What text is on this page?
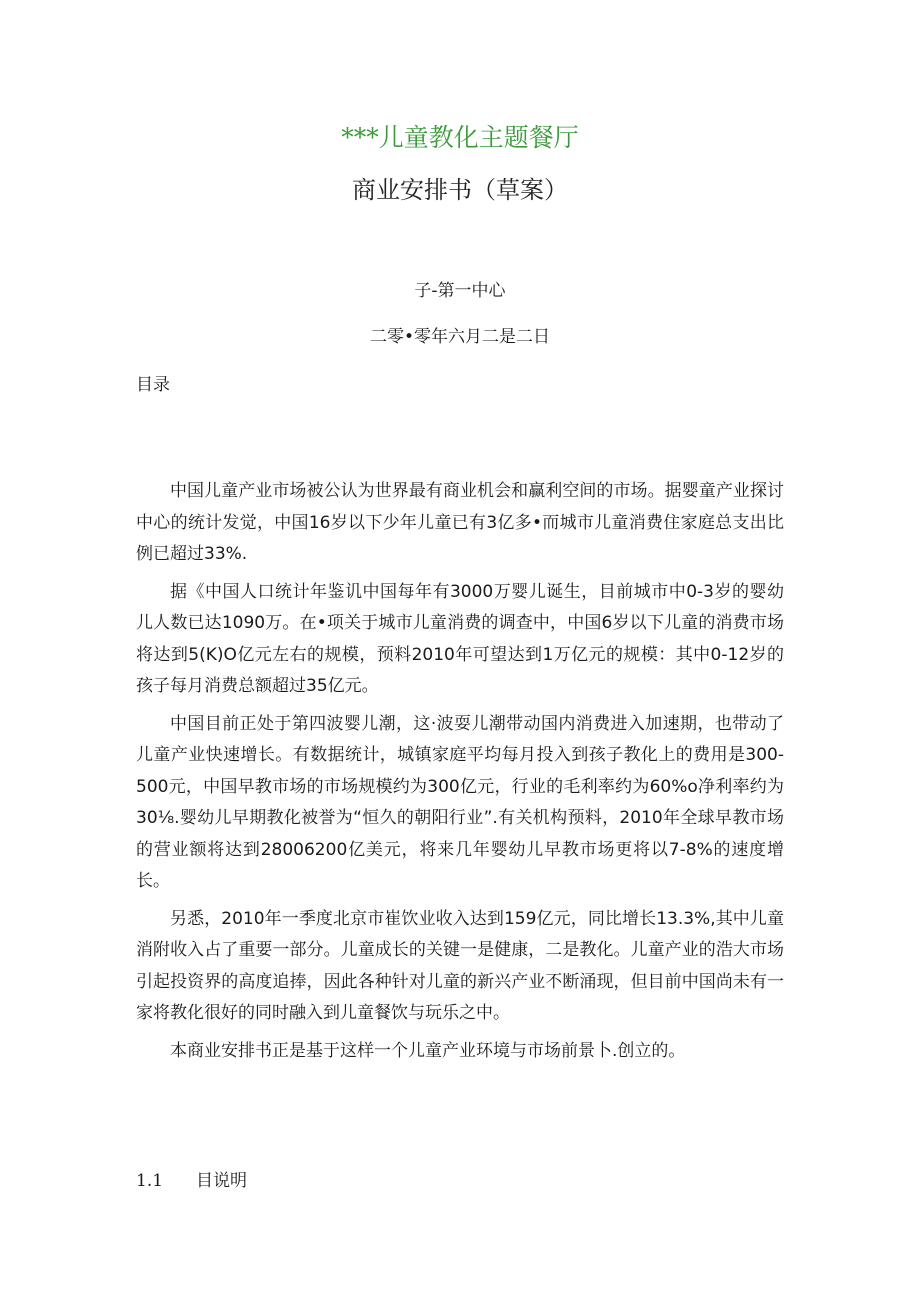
***儿童教化主题餐厅
商业安排书（草案）
子-第一中心
二零•零年六月二是二日
目录

中国儿童产业市场被公认为世界最有商业机会和赢利空间的市场。据婴童产业探讨中心的统计发觉，中国16岁以下少年儿童已有3亿多•而城市儿童消费住家庭总支出比例已超过33%.

据《中国人口统计年鉴讥中国每年有3000万婴儿诞生，目前城市中0-3岁的婴幼儿人数已达1090万。在•项关于城市儿童消费的调查中，中国6岁以下儿童的消费市场将达到5(K)O亿元左右的规模，预料2010年可望达到1万亿元的规模：其中0-12岁的孩子每月消费总额超过35亿元。

中国目前正处于第四波婴儿潮，这·波耍儿潮带动国内消费进入加速期，也带动了儿童产业快速增长。有数据统计，城镇家庭平均每月投入到孩子教化上的费用是300-500元，中国早教市场的市场规模约为300亿元，行业的毛利率约为60%о净利率约为30⅛.婴幼儿早期教化被誉为“恒久的朝阳行业”.有关机构预料，2010年全球早教市场的营业额将达到28006200亿美元，将来几年婴幼儿早教市场更将以7-8%的速度增长。

另悉，2010年一季度北京市崔饮业收入达到159亿元，同比增长13.3%,其中儿童消附收入占了重要一部分。儿童成长的关键一是健康，二是教化。儿童产业的浩大市场引起投资界的高度追捧，因此各种针对儿童的新兴产业不断涌现，但目前中国尚未有一家将教化很好的同时融入到儿童餐饮与玩乐之中。

本商业安排书正是基于这样一个儿童产业环境与市场前景卜.创立的。

1.1 目说明
